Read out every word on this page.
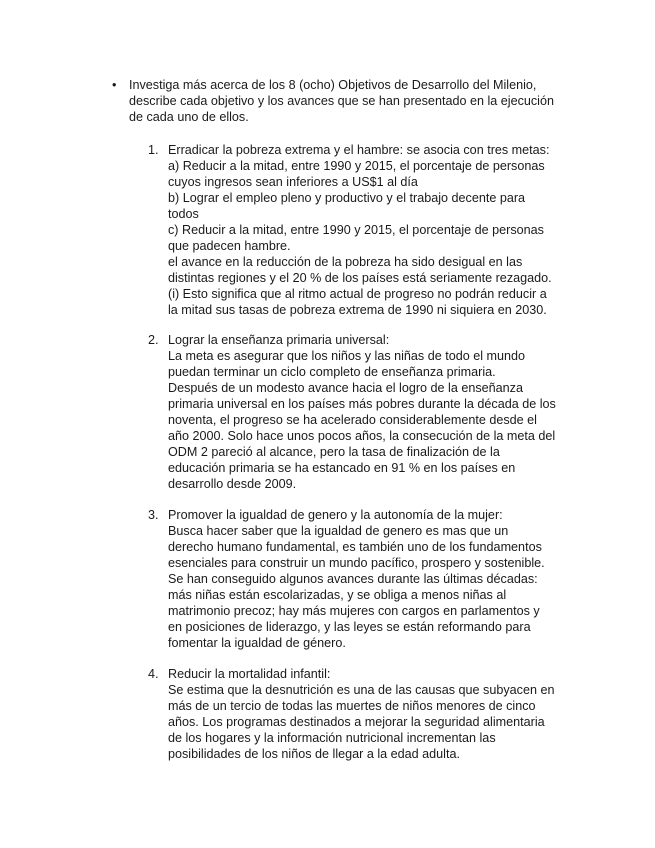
• Investiga más acerca de los 8 (ocho) Objetivos de Desarrollo del Milenio,
describe cada objetivo y los avances que se han presentado en la ejecución
de cada uno de ellos.
1. Erradicar la pobreza extrema y el hambre: se asocia con tres metas:
a) Reducir a la mitad, entre 1990 y 2015, el porcentaje de personas
cuyos ingresos sean inferiores a US$1 al día
b) Lograr el empleo pleno y productivo y el trabajo decente para
todos
c) Reducir a la mitad, entre 1990 y 2015, el porcentaje de personas
que padecen hambre.
el avance en la reducción de la pobreza ha sido desigual en las
distintas regiones y el 20 % de los países está seriamente rezagado.
(i) Esto significa que al ritmo actual de progreso no podrán reducir a
la mitad sus tasas de pobreza extrema de 1990 ni siquiera en 2030.
2. Lograr la enseñanza primaria universal:
La meta es asegurar que los niños y las niñas de todo el mundo
puedan terminar un ciclo completo de enseñanza primaria.
Después de un modesto avance hacia el logro de la enseñanza
primaria universal en los países más pobres durante la década de los
noventa, el progreso se ha acelerado considerablemente desde el
año 2000. Solo hace unos pocos años, la consecución de la meta del
ODM 2 pareció al alcance, pero la tasa de finalización de la
educación primaria se ha estancado en 91 % en los países en
desarrollo desde 2009.
3. Promover la igualdad de genero y la autonomía de la mujer:
Busca hacer saber que la igualdad de genero es mas que un
derecho humano fundamental, es también uno de los fundamentos
esenciales para construir un mundo pacífico, prospero y sostenible.
Se han conseguido algunos avances durante las últimas décadas:
más niñas están escolarizadas, y se obliga a menos niñas al
matrimonio precoz; hay más mujeres con cargos en parlamentos y
en posiciones de liderazgo, y las leyes se están reformando para
fomentar la igualdad de género.
4. Reducir la mortalidad infantil:
Se estima que la desnutrición es una de las causas que subyacen en
más de un tercio de todas las muertes de niños menores de cinco
años. Los programas destinados a mejorar la seguridad alimentaria
de los hogares y la información nutricional incrementan las
posibilidades de los niños de llegar a la edad adulta.
